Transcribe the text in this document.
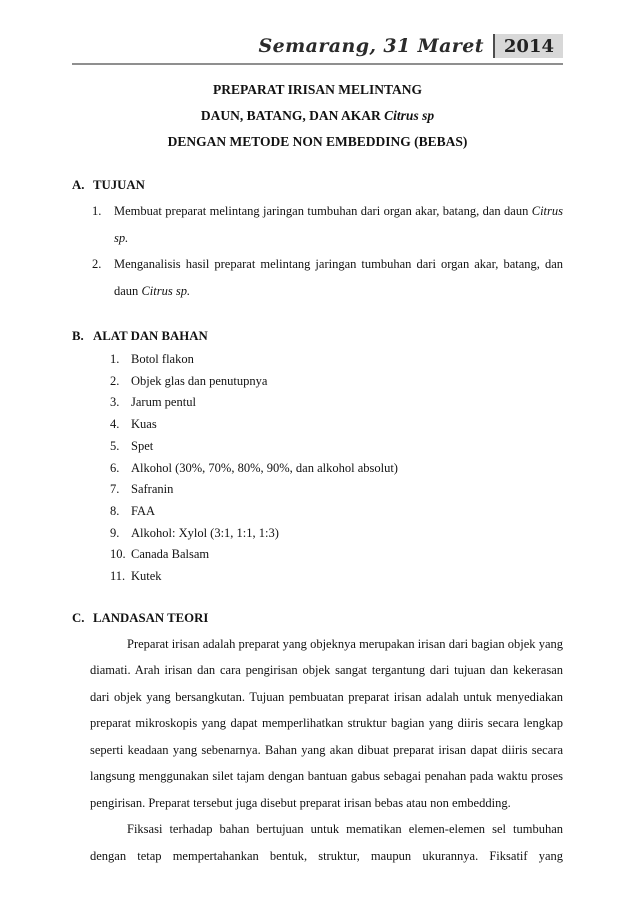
Semarang, 31 Maret	2014
PREPARAT IRISAN MELINTANG
DAUN, BATANG, DAN AKAR Citrus sp
DENGAN METODE NON EMBEDDING (BEBAS)
A. TUJUAN
1.	Membuat preparat melintang jaringan tumbuhan dari organ akar, batang, dan daun Citrus sp.
2.	Menganalisis hasil preparat melintang jaringan tumbuhan dari organ akar, batang, dan daun Citrus sp.
B. ALAT DAN BAHAN
1. Botol flakon
2. Objek glas dan penutupnya
3. Jarum pentul
4. Kuas
5. Spet
6. Alkohol (30%, 70%, 80%, 90%, dan alkohol absolut)
7. Safranin
8. FAA
9. Alkohol: Xylol (3:1, 1:1, 1:3)
10. Canada Balsam
11. Kutek
C. LANDASAN TEORI

Preparat irisan adalah preparat yang objeknya merupakan irisan dari bagian objek yang diamati. Arah irisan dan cara pengirisan objek sangat tergantung dari tujuan dan kekerasan dari objek yang bersangkutan. Tujuan pembuatan preparat irisan adalah untuk menyediakan preparat mikroskopis yang dapat memperlihatkan struktur bagian yang diiris secara lengkap seperti keadaan yang sebenarnya. Bahan yang akan dibuat preparat irisan dapat diiris secara langsung menggunakan silet tajam dengan bantuan gabus sebagai penahan pada waktu proses pengirisan. Preparat tersebut juga disebut preparat irisan bebas atau non embedding.

Fiksasi terhadap bahan bertujuan untuk mematikan elemen-elemen sel tumbuhan dengan tetap mempertahankan bentuk, struktur, maupun ukurannya. Fiksatif yang
